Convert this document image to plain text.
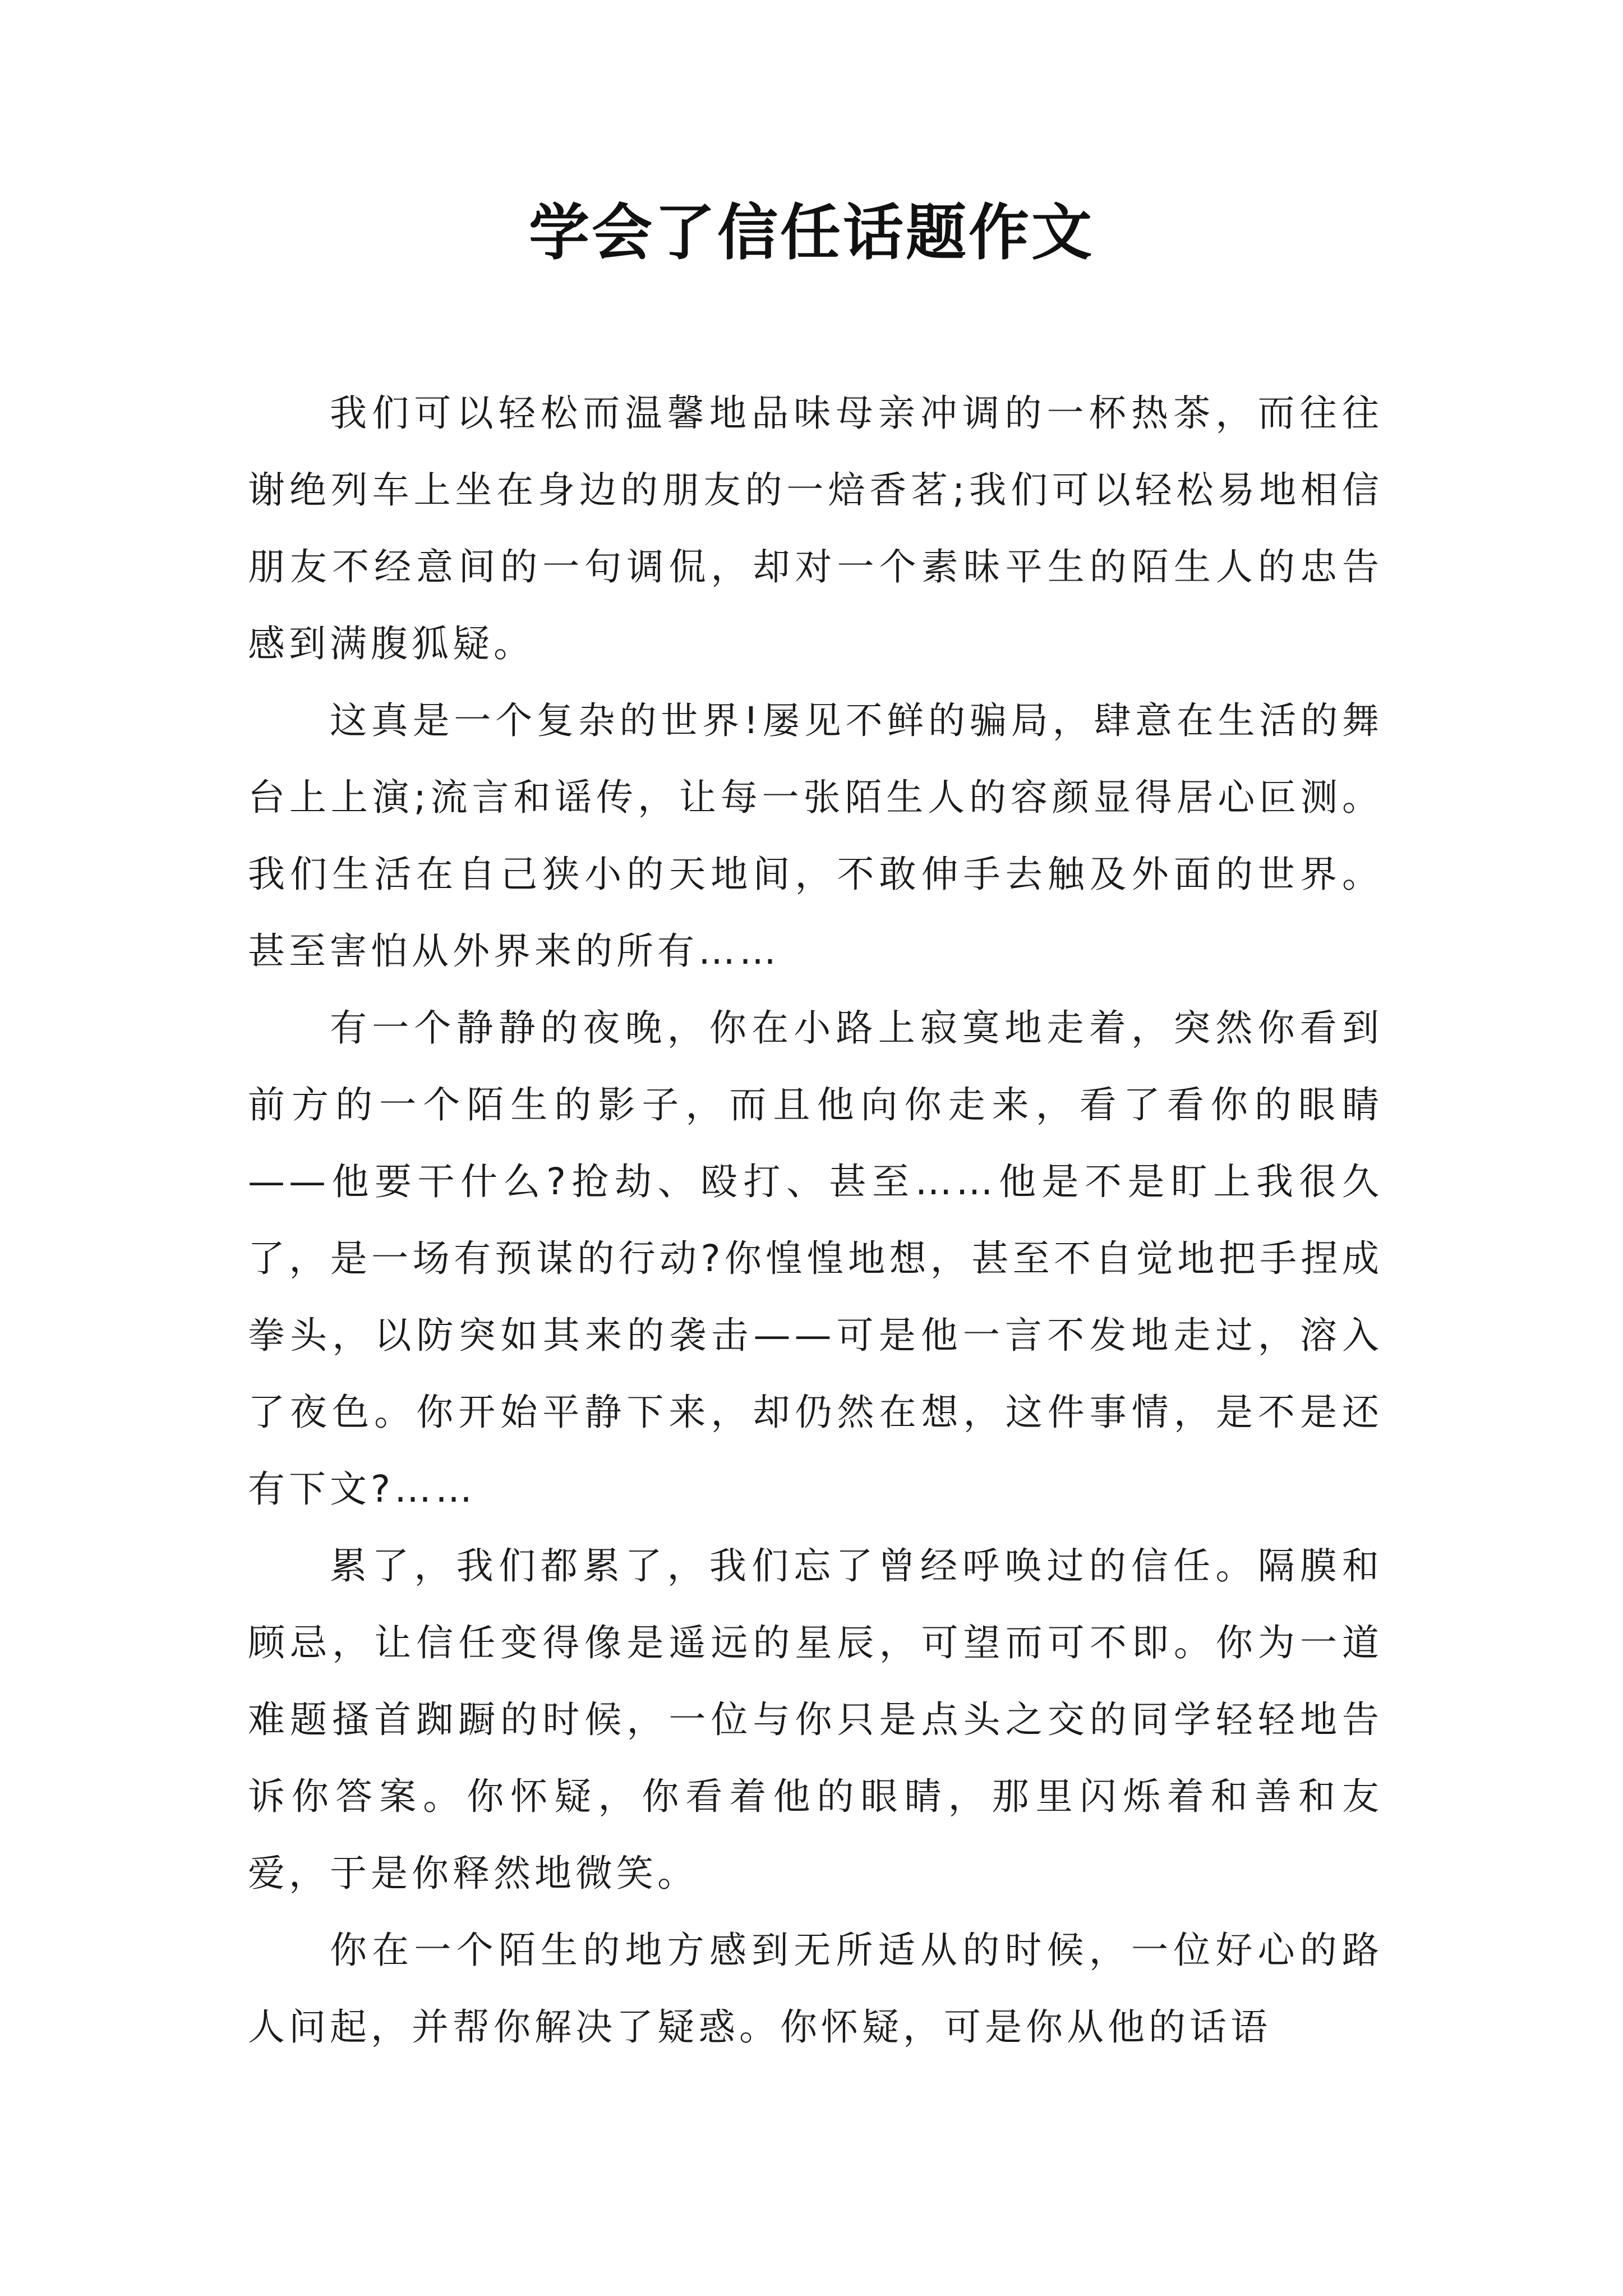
学会了信任话题作文

我们可以轻松而温馨地品味母亲冲调的一杯热茶，而往往谢绝列车上坐在身边的朋友的一焙香茗;我们可以轻松易地相信朋友不经意间的一句调侃，却对一个素昧平生的陌生人的忠告感到满腹狐疑。

这真是一个复杂的世界!屡见不鲜的骗局，肆意在生活的舞台上上演;流言和谣传，让每一张陌生人的容颜显得居心叵测。我们生活在自己狭小的天地间，不敢伸手去触及外面的世界。甚至害怕从外界来的所有……

有一个静静的夜晚，你在小路上寂寞地走着，突然你看到前方的一个陌生的影子，而且他向你走来，看了看你的眼睛——他要干什么?抢劫、殴打、甚至……他是不是盯上我很久了，是一场有预谋的行动?你惶惶地想，甚至不自觉地把手捏成拳头，以防突如其来的袭击——可是他一言不发地走过，溶入了夜色。你开始平静下来，却仍然在想，这件事情，是不是还有下文?……

累了，我们都累了，我们忘了曾经呼唤过的信任。隔膜和顾忌，让信任变得像是遥远的星辰，可望而可不即。你为一道难题搔首踟蹰的时候，一位与你只是点头之交的同学轻轻地告诉你答案。你怀疑，你看着他的眼睛，那里闪烁着和善和友爱，于是你释然地微笑。

你在一个陌生的地方感到无所适从的时候，一位好心的路人问起，并帮你解决了疑惑。你怀疑，可是你从他的话语
